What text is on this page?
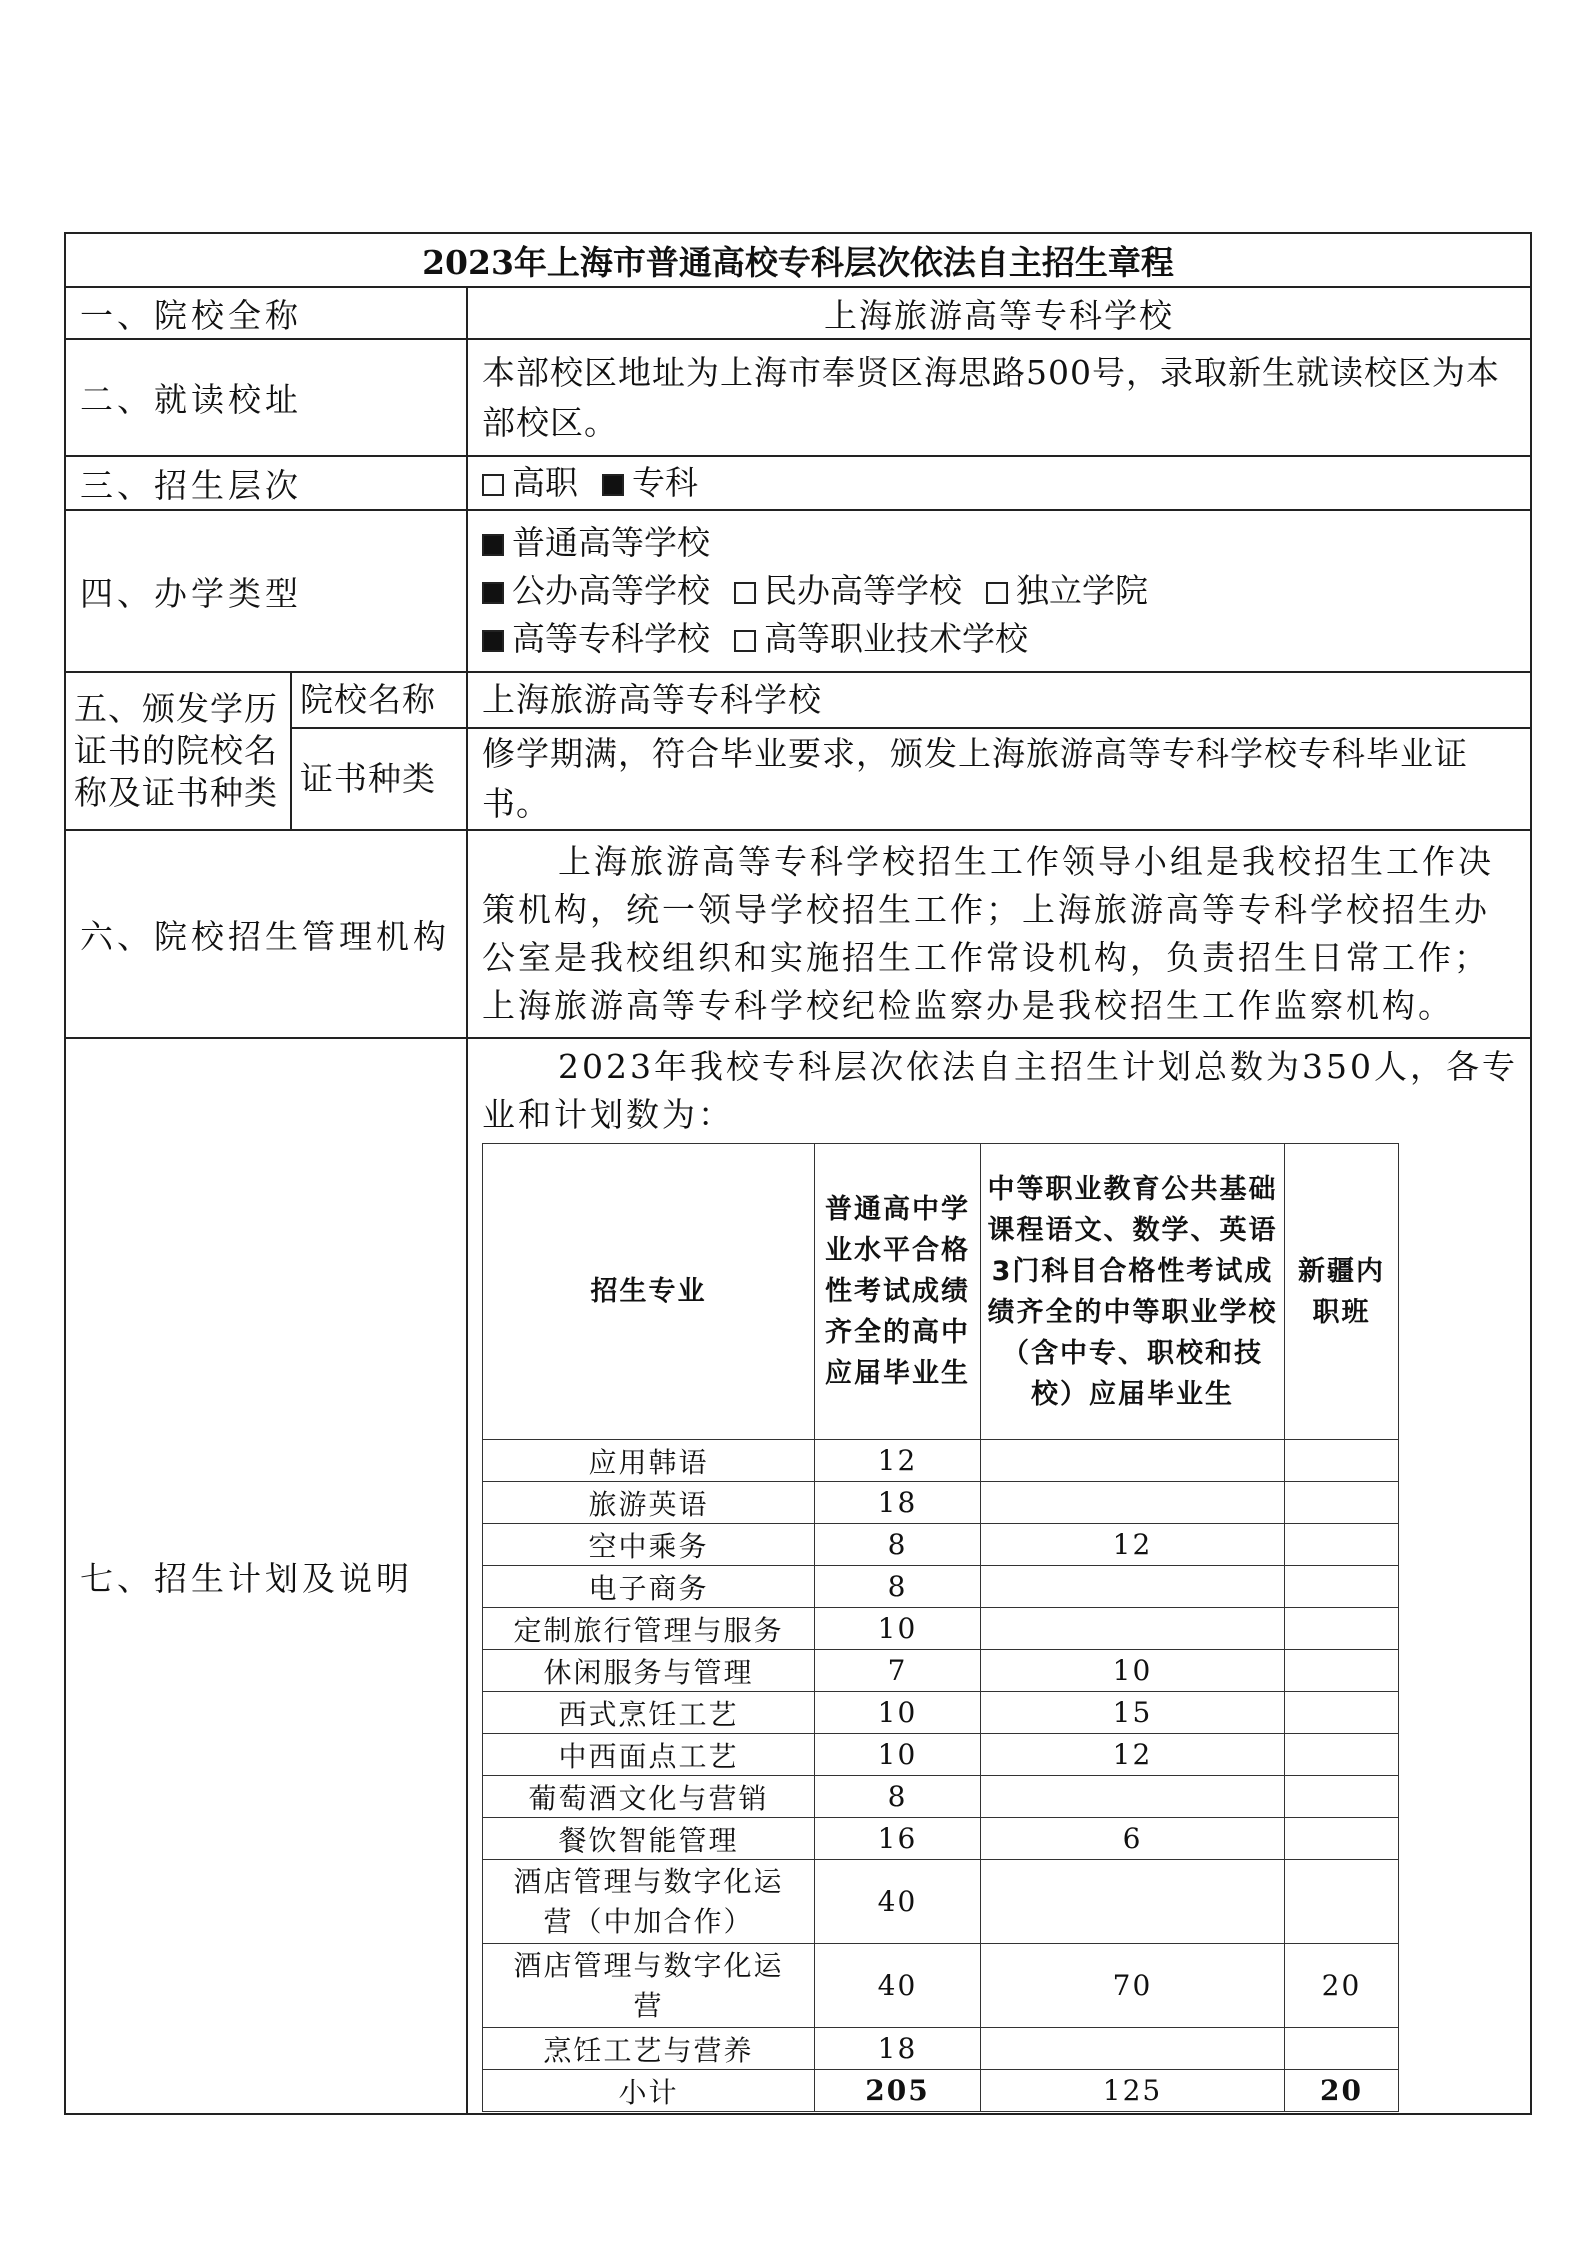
2023年上海市普通高校专科层次依法自主招生章程
一、院校全称	上海旅游高等专科学校
二、就读校址	本部校区地址为上海市奉贤区海思路500号，录取新生就读校区为本部校区。
三、招生层次	高职 专科
四、办学类型	
普通高等学校
公办高等学校 民办高等学校 独立学院
高等专科学校 高等职业技术学校

五、颁发学历证书的院校名称及证书种类	院校名称	上海旅游高等专科学校
证书种类	修学期满，符合毕业要求，颁发上海旅游高等专科学校专科毕业证书。
六、院校招生管理机构	上海旅游高等专科学校招生工作领导小组是我校招生工作决策机构，统一领导学校招生工作；上海旅游高等专科学校招生办公室是我校组织和实施招生工作常设机构，负责招生日常工作；上海旅游高等专科学校纪检监察办是我校招生工作监察机构。
七、招生计划及说明	
2023年我校专科层次依法自主招生计划总数为350人，各专业和计划数为：
招生专业	普通高中学业水平合格性考试成绩齐全的高中应届毕业生	中等职业教育公共基础课程语文、数学、英语3门科目合格性考试成绩齐全的中等职业学校（含中专、职校和技校）应届毕业生	新疆内职班
应用韩语	12		
旅游英语	18		
空中乘务	8	12	
电子商务	8		
定制旅行管理与服务	10		
休闲服务与管理	7	10	
西式烹饪工艺	10	15	
中西面点工艺	10	12	
葡萄酒文化与营销	8		
餐饮智能管理	16	6	
酒店管理与数字化运营（中加合作）	40		
酒店管理与数字化运营	40	70	20
烹饪工艺与营养	18		
小计	205	125	20
